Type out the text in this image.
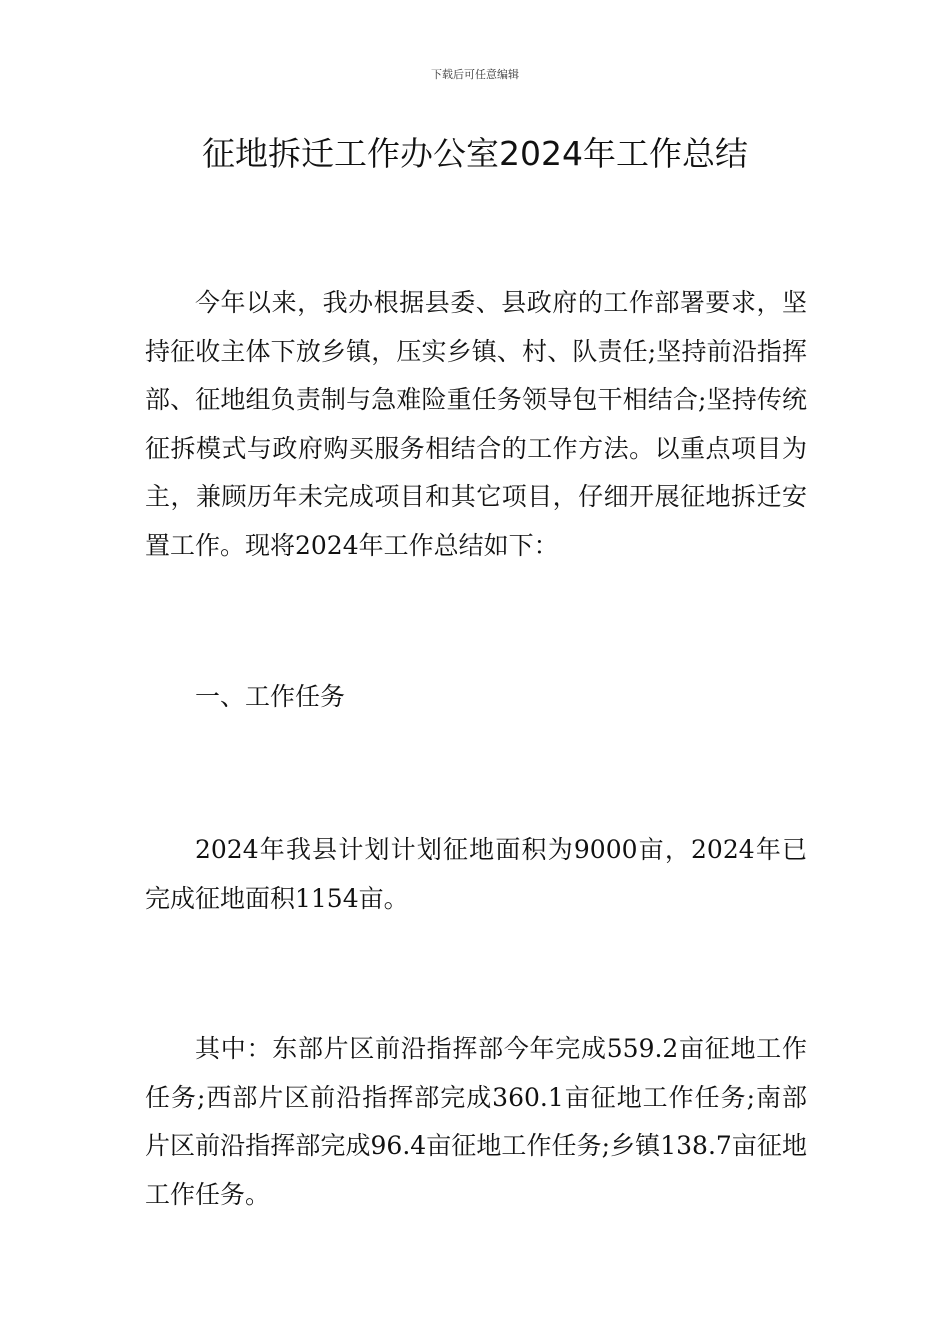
下载后可任意编辑
征地拆迁工作办公室2024年工作总结

今年以来，我办根据县委、县政府的工作部署要求，坚持征收主体下放乡镇，压实乡镇、村、队责任;坚持前沿指挥部、征地组负责制与急难险重任务领导包干相结合;坚持传统征拆模式与政府购买服务相结合的工作方法。以重点项目为主，兼顾历年未完成项目和其它项目，仔细开展征地拆迁安置工作。现将2024年工作总结如下：

一、工作任务

2024年我县计划计划征地面积为9000亩，2024年已完成征地面积1154亩。

其中：东部片区前沿指挥部今年完成559.2亩征地工作任务;西部片区前沿指挥部完成360.1亩征地工作任务;南部片区前沿指挥部完成96.4亩征地工作任务;乡镇138.7亩征地工作任务。
